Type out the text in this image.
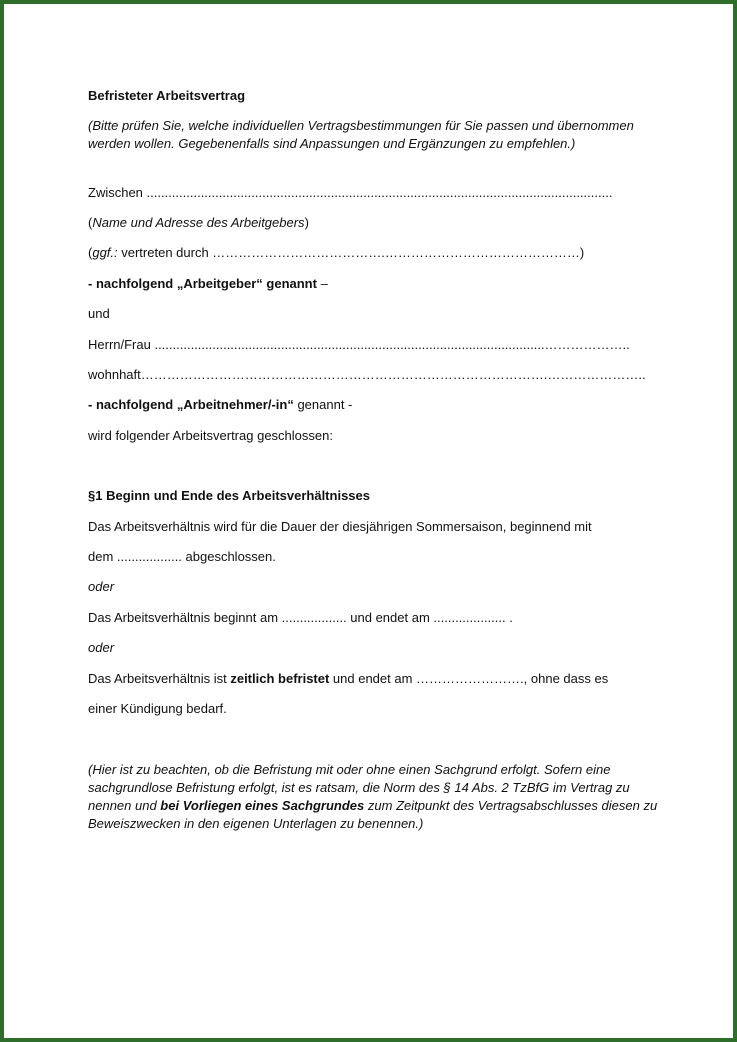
Befristeter Arbeitsvertrag
(Bitte prüfen Sie, welche individuellen Vertragsbestimmungen für Sie passen und übernommen werden wollen. Gegebenenfalls sind Anpassungen und Ergänzungen zu empfehlen.)
Zwischen .................................................................................................................................
(Name und Adresse des Arbeitgebers)
(ggf.: vertreten durch ………………………………….………………………………………)
- nachfolgend „Arbeitgeber“ genannt –
und
Herrn/Frau ............................................................................................................………………..
wohnhaft………………………………………………………………………………….…………………..
- nachfolgend „Arbeitnehmer/-in“ genannt -
wird folgender Arbeitsvertrag geschlossen:
§1 Beginn und Ende des Arbeitsverhältnisses
Das Arbeitsverhältnis wird für die Dauer der diesjährigen Sommersaison, beginnend mit
dem .................. abgeschlossen.
oder
Das Arbeitsverhältnis beginnt am .................. und endet am .................... .
oder
Das Arbeitsverhältnis ist zeitlich befristet und endet am ……………………., ohne dass es
einer Kündigung bedarf.
(Hier ist zu beachten, ob die Befristung mit oder ohne einen Sachgrund erfolgt. Sofern eine sachgrundlose Befristung erfolgt, ist es ratsam, die Norm des § 14 Abs. 2 TzBfG im Vertrag zu nennen und bei Vorliegen eines Sachgrundes zum Zeitpunkt des Vertragsabschlusses diesen zu Beweiszwecken in den eigenen Unterlagen zu benennen.)
